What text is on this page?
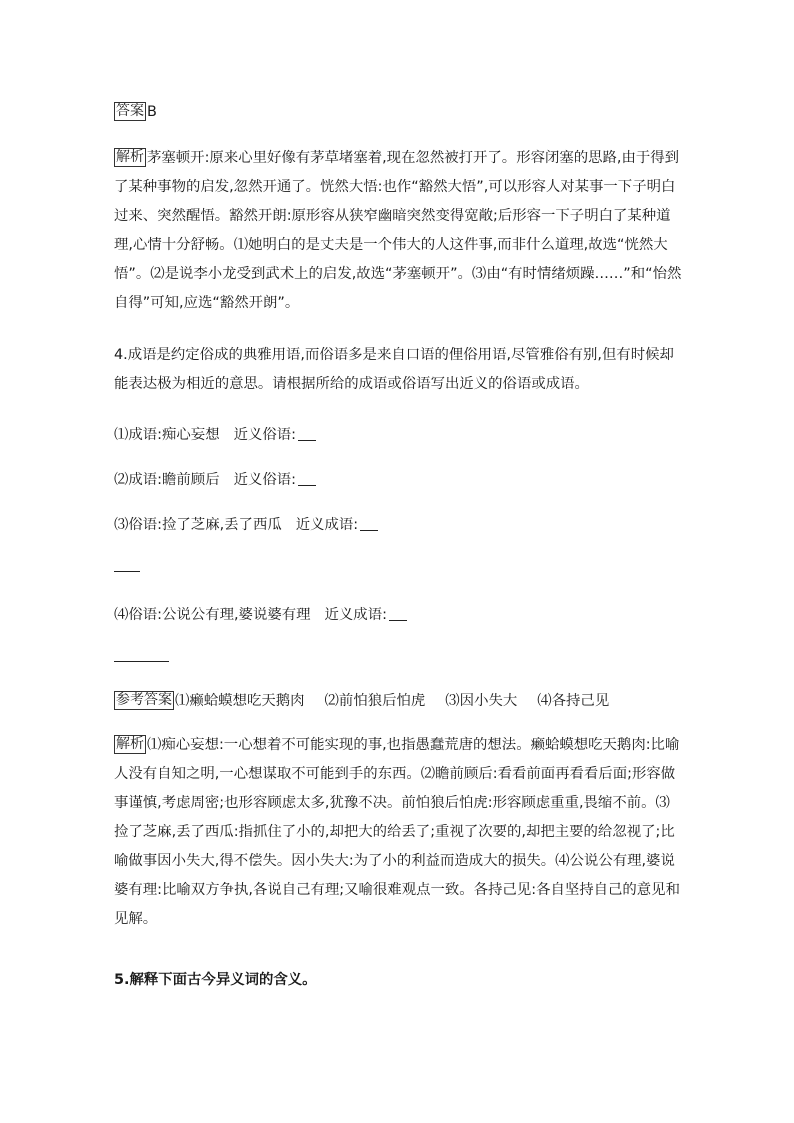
答案 B
解析 茅塞顿开:原来心里好像有茅草堵塞着,现在忽然被打开了。形容闭塞的思路,由于得到了某种事物的启发,忽然开通了。恍然大悟:也作“豁然大悟”,可以形容人对某事一下子明白过来、突然醒悟。豁然开朗:原形容从狭窄幽暗突然变得宽敞;后形容一下子明白了某种道理,心情十分舒畅。⑴她明白的是丈夫是一个伟大的人这件事,而非什么道理,故选“恍然大悟”。⑵是说李小龙受到武术上的启发,故选“茅塞顿开”。⑶由“有时情绪烦躁……”和“怡然自得”可知,应选“豁然开朗”。
4.成语是约定俗成的典雅用语,而俗语多是来自口语的俚俗用语,尽管雅俗有别,但有时候却能表达极为相近的意思。请根据所给的成语或俗语写出近义的俗语或成语。
⑴成语:痴心妄想 近义俗语:
⑵成语:瞻前顾后 近义俗语:
⑶俗语:捡了芝麻,丢了西瓜 近义成语:
⑷俗语:公说公有理,婆说婆有理 近义成语:
参考答案 ⑴癞蛤蟆想吃天鹅肉 ⑵前怕狼后怕虎 ⑶因小失大 ⑷各持己见
解析 ⑴痴心妄想:一心想着不可能实现的事,也指愚蠢荒唐的想法。癞蛤蟆想吃天鹅肉:比喻人没有自知之明,一心想谋取不可能到手的东西。⑵瞻前顾后:看看前面再看看后面;形容做事谨慎,考虑周密;也形容顾虑太多,犹豫不决。前怕狼后怕虎:形容顾虑重重,畏缩不前。⑶捡了芝麻,丢了西瓜:指抓住了小的,却把大的给丢了;重视了次要的,却把主要的给忽视了;比喻做事因小失大,得不偿失。因小失大:为了小的利益而造成大的损失。⑷公说公有理,婆说婆有理:比喻双方争执,各说自己有理;又喻很难观点一致。各持己见:各自坚持自己的意见和见解。
5.解释下面古今异义词的含义。
